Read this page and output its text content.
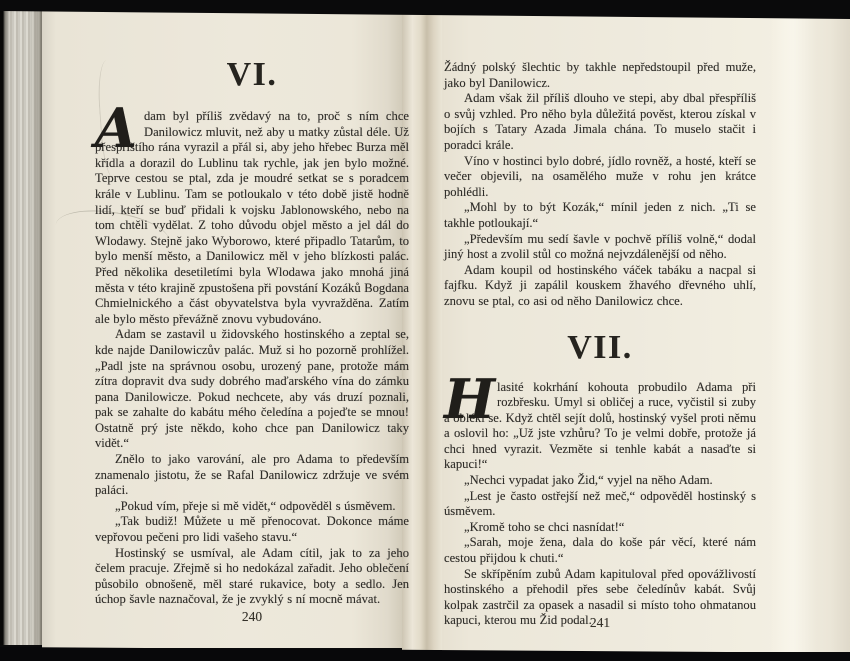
VI.

Adam byl příliš zvědavý na to, proč s ním chce Danilowicz mluvit, než aby u matky zůstal déle. Už přespříštího rána vyrazil a přál si, aby jeho hřebec Burza měl křídla a dorazil do Lublinu tak rychle, jak jen bylo možné. Teprve cestou se ptal, zda je moudré setkat se s poradcem krále v Lublinu. Tam se potloukalo v této době jistě hodně lidí, kteří se buď přidali k vojsku Jablonowského, nebo na tom chtěli vydělat. Z toho důvodu objel město a jel dál do Wlodawy. Stejně jako Wyborowo, které připadlo Tatarům, to bylo menší město, a Danilowicz měl v jeho blízkosti palác. Před několika desetiletími byla Wlodawa jako mnohá jiná města v této krajině zpustošena při povstání Kozáků Bogdana Chmielnického a část obyvatelstva byla vyvražděna. Zatím ale bylo město převážně znovu vybudováno.

Adam se zastavil u židovského hostinského a zeptal se, kde najde Danilowiczův palác. Muž si ho pozorně prohlížel. „Padl jste na správnou osobu, urozený pane, protože mám zítra dopravit dva sudy dobrého maďarského vína do zámku pana Danilowicze. Pokud nechcete, aby vás druzí poznali, pak se zahalte do kabátu mého čeledína a pojeďte se mnou! Ostatně prý jste někdo, koho chce pan Danilowicz taky vidět.“

Znělo to jako varování, ale pro Adama to především znamenalo jistotu, že se Rafal Danilowicz zdržuje ve svém paláci.

„Pokud vím, přeje si mě vidět,“ odpověděl s úsměvem.

„Tak budiž! Můžete u mě přenocovat. Dokonce máme vepřovou pečeni pro lidi vašeho stavu.“

Hostinský se usmíval, ale Adam cítil, jak to za jeho čelem pracuje. Zřejmě si ho nedokázal zařadit. Jeho oblečení působilo obnošeně, měl staré rukavice, boty a sedlo. Jen úchop šavle naznačoval, že je zvyklý s ní mocně mávat.

240

Žádný polský šlechtic by takhle nepředstoupil před muže, jako byl Danilowicz.

Adam však žil příliš dlouho ve stepi, aby dbal přespříliš o svůj vzhled. Pro něho byla důležitá pověst, kterou získal v bojích s Tatary Azada Jimala chána. To muselo stačit i poradci krále.

Víno v hostinci bylo dobré, jídlo rovněž, a hosté, kteří se večer objevili, na osamělého muže v rohu jen krátce pohlédli.

„Mohl by to být Kozák,“ mínil jeden z nich. „Ti se takhle potloukají.“

„Především mu sedí šavle v pochvě příliš volně,“ dodal jiný host a zvolil stůl co možná nejvzdálenější od něho.

Adam koupil od hostinského váček tabáku a nacpal si fajfku. Když ji zapálil kouskem žhavého dřevného uhlí, znovu se ptal, co asi od něho Danilowicz chce.

VII.

Hlasité kokrhání kohouta probudilo Adama při rozbřesku. Umyl si obličej a ruce, vyčistil si zuby a oblékl se. Když chtěl sejít dolů, hostinský vyšel proti němu a oslovil ho: „Už jste vzhůru? To je velmi dobře, protože já chci hned vyrazit. Vezměte si tenhle kabát a nasaďte si kapuci!“

„Nechci vypadat jako Žid,“ vyjel na něho Adam.

„Lest je často ostřejší než meč,“ odpověděl hostinský s úsměvem.

„Kromě toho se chci nasnídat!“

„Sarah, moje žena, dala do koše pár věcí, které nám cestou přijdou k chuti.“

Se skřípěním zubů Adam kapituloval před opovážlivostí hostinského a přehodil přes sebe čeledínův kabát. Svůj kolpak zastrčil za opasek a nasadil si místo toho ohmatanou kapuci, kterou mu Žid podal.

241
